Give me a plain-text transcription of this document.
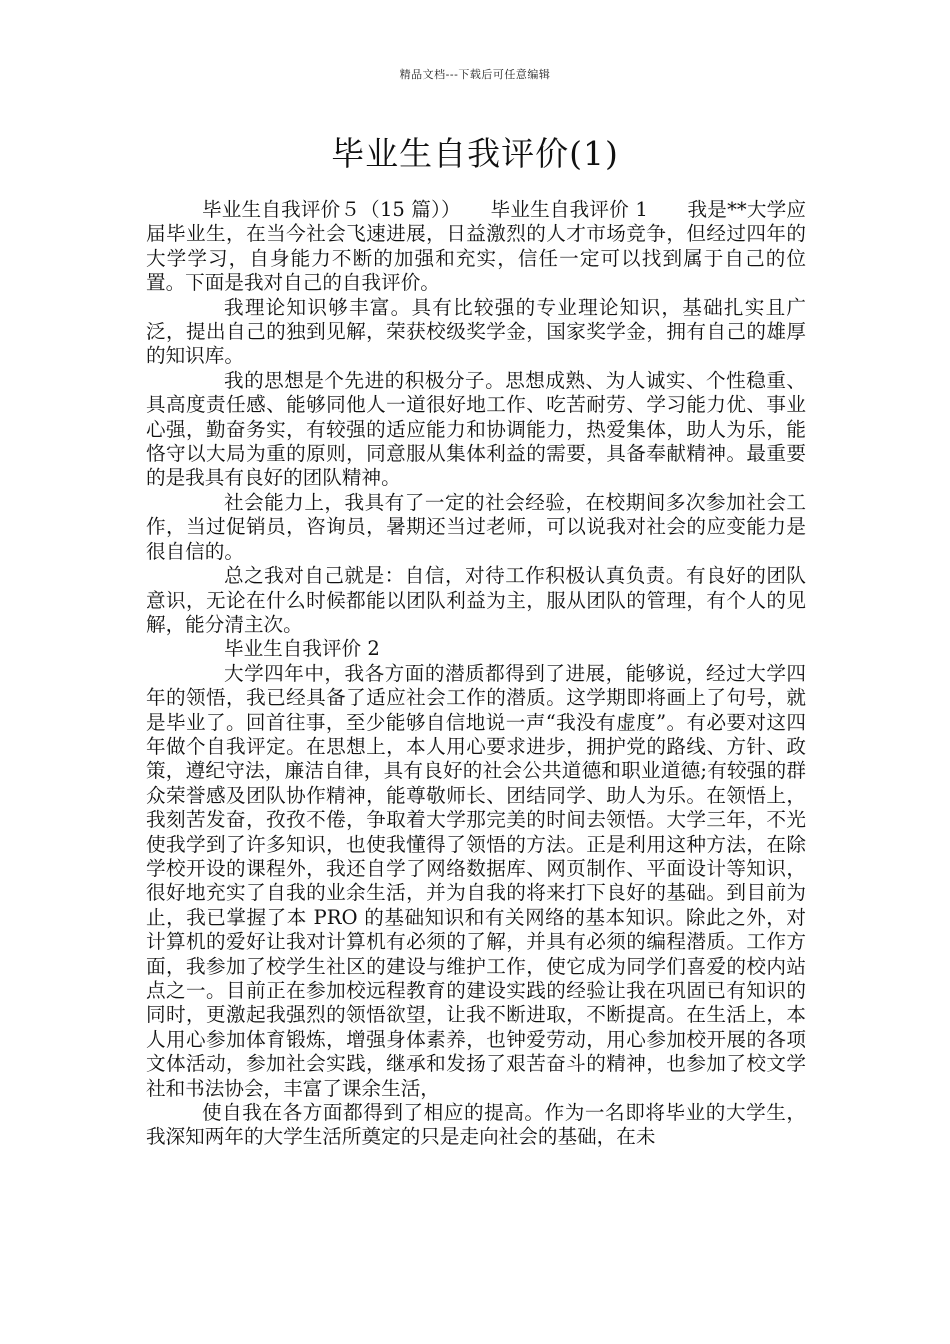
精品文档---下载后可任意编辑
毕业生自我评价(1)

毕业生自我评价５（15 篇））　　毕业生自我评价 1　　我是**大学应届毕业生，在当今社会飞速进展，日益激烈的人才市场竞争，但经过四年的大学学习，自身能力不断的加强和充实，信任一定可以找到属于自己的位置。下面是我对自己的自我评价。

我理论知识够丰富。具有比较强的专业理论知识，基础扎实且广泛，提出自己的独到见解，荣获校级奖学金，国家奖学金，拥有自己的雄厚的知识库。

我的思想是个先进的积极分子。思想成熟、为人诚实、个性稳重、具高度责任感、能够同他人一道很好地工作、吃苦耐劳、学习能力优、事业心强，勤奋务实，有较强的适应能力和协调能力，热爱集体，助人为乐，能恪守以大局为重的原则，同意服从集体利益的需要，具备奉献精神。最重要的是我具有良好的团队精神。

社会能力上，我具有了一定的社会经验，在校期间多次参加社会工作，当过促销员，咨询员，暑期还当过老师，可以说我对社会的应变能力是很自信的。

总之我对自己就是：自信，对待工作积极认真负责。有良好的团队意识，无论在什么时候都能以团队利益为主，服从团队的管理，有个人的见解，能分清主次。

毕业生自我评价 2

大学四年中，我各方面的潜质都得到了进展，能够说，经过大学四年的领悟，我已经具备了适应社会工作的潜质。这学期即将画上了句号，就是毕业了。回首往事，至少能够自信地说一声“我没有虚度”。有必要对这四年做个自我评定。在思想上，本人用心要求进步，拥护党的路线、方针、政策，遵纪守法，廉洁自律，具有良好的社会公共道德和职业道德;有较强的群众荣誉感及团队协作精神，能尊敬师长、团结同学、助人为乐。在领悟上，我刻苦发奋，孜孜不倦，争取着大学那完美的时间去领悟。大学三年，不光使我学到了许多知识，也使我懂得了领悟的方法。正是利用这种方法，在除学校开设的课程外，我还自学了网络数据库、网页制作、平面设计等知识，很好地充实了自我的业余生活，并为自我的将来打下良好的基础。到目前为止，我已掌握了本 PRO 的基础知识和有关网络的基本知识。除此之外，对计算机的爱好让我对计算机有必须的了解，并具有必须的编程潜质。工作方面，我参加了校学生社区的建设与维护工作，使它成为同学们喜爱的校内站点之一。目前正在参加校远程教育的建设实践的经验让我在巩固已有知识的同时，更激起我强烈的领悟欲望，让我不断进取，不断提高。在生活上，本人用心参加体育锻炼，增强身体素养，也钟爱劳动，用心参加校开展的各项文体活动，参加社会实践，继承和发扬了艰苦奋斗的精神，也参加了校文学社和书法协会，丰富了课余生活，

使自我在各方面都得到了相应的提高。作为一名即将毕业的大学生，我深知两年的大学生活所奠定的只是走向社会的基础，在未
